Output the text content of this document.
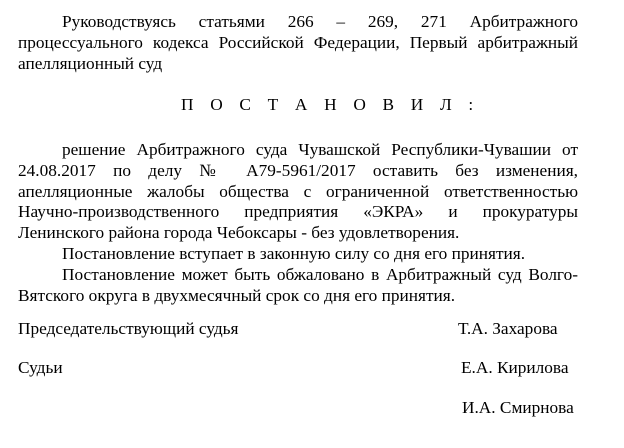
Руководствуясь статьями 266 – 269, 271 Арбитражного процессуального кодекса Российской Федерации, Первый арбитражный апелляционный суд

П О С Т А Н О В И Л :

решение Арбитражного суда Чувашской Республики-Чувашии от 24.08.2017 по делу № А79-5961/2017 оставить без изменения, апелляционные жалобы общества с ограниченной ответственностью Научно-производственного предприятия «ЭКРА» и прокуратуры Ленинского района города Чебоксары - без удовлетворения.

Постановление вступает в законную силу со дня его принятия.

Постановление может быть обжаловано в Арбитражный суд Волго-Вятского округа в двухмесячный срок со дня его принятия.

Председательствующий судья	Т.А. Захарова
Судьи	Е.А. Кирилова
И.А. Смирнова
